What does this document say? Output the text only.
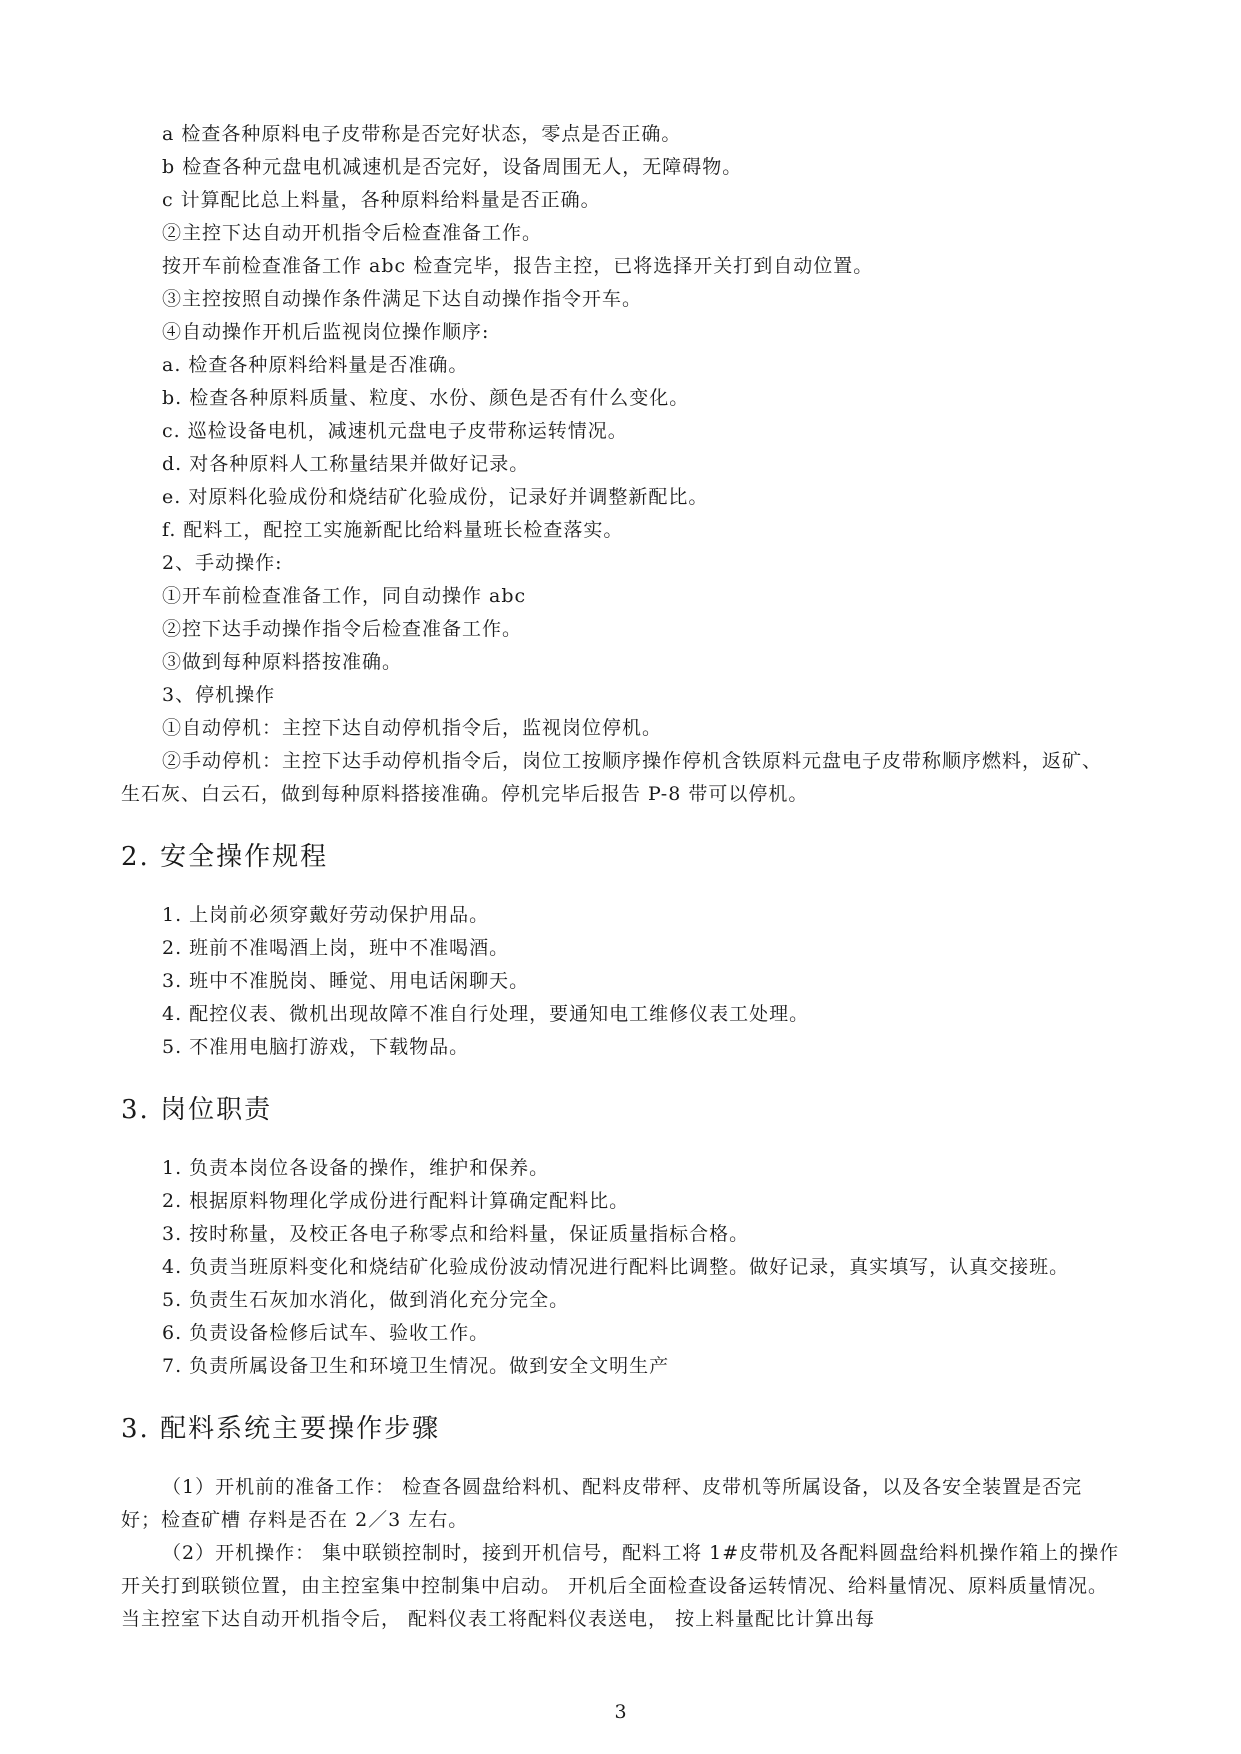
a 检查各种原料电子皮带称是否完好状态，零点是否正确。
b 检查各种元盘电机减速机是否完好，设备周围无人，无障碍物。
c 计算配比总上料量，各种原料给料量是否正确。
②主控下达自动开机指令后检查准备工作。
按开车前检查准备工作 abc 检查完毕，报告主控，已将选择开关打到自动位置。
③主控按照自动操作条件满足下达自动操作指令开车。
④自动操作开机后监视岗位操作顺序:
a. 检查各种原料给料量是否准确。
b. 检查各种原料质量、粒度、水份、颜色是否有什么变化。
c. 巡检设备电机，减速机元盘电子皮带称运转情况。
d. 对各种原料人工称量结果并做好记录。
e. 对原料化验成份和烧结矿化验成份，记录好并调整新配比。
f. 配料工，配控工实施新配比给料量班长检查落实。
2、手动操作:
①开车前检查准备工作，同自动操作 abc
②控下达手动操作指令后检查准备工作。
③做到每种原料搭按准确。
3、停机操作
①自动停机：主控下达自动停机指令后，监视岗位停机。
②手动停机：主控下达手动停机指令后，岗位工按顺序操作停机含铁原料元盘电子皮带称顺序燃料，返矿、生石灰、白云石，做到每种原料搭接准确。停机完毕后报告 P-8 带可以停机。
2. 安全操作规程
1. 上岗前必须穿戴好劳动保护用品。
2. 班前不准喝酒上岗，班中不准喝酒。
3. 班中不准脱岗、睡觉、用电话闲聊天。
4. 配控仪表、微机出现故障不准自行处理，要通知电工维修仪表工处理。
5. 不准用电脑打游戏，下载物品。
3. 岗位职责
1. 负责本岗位各设备的操作，维护和保养。
2. 根据原料物理化学成份进行配料计算确定配料比。
3. 按时称量，及校正各电子称零点和给料量，保证质量指标合格。
4. 负责当班原料变化和烧结矿化验成份波动情况进行配料比调整。做好记录，真实填写，认真交接班。
5. 负责生石灰加水消化，做到消化充分完全。
6. 负责设备检修后试车、验收工作。
7. 负责所属设备卫生和环境卫生情况。做到安全文明生产
3. 配料系统主要操作步骤
（1）开机前的准备工作： 检查各圆盘给料机、配料皮带秤、皮带机等所属设备，以及各安全装置是否完好；检查矿槽 存料是否在 2／3 左右。
（2）开机操作： 集中联锁控制时，接到开机信号，配料工将 1#皮带机及各配料圆盘给料机操作箱上的操作 开关打到联锁位置，由主控室集中控制集中启动。 开机后全面检查设备运转情况、给料量情况、原料质量情况。 当主控室下达自动开机指令后， 配料仪表工将配料仪表送电， 按上料量配比计算出每
3
